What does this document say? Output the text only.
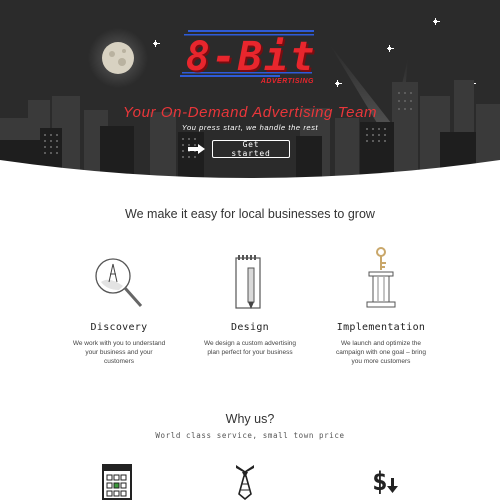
8-Bit
ADVERTISING
Your On-Demand Advertising Team
You press start, we handle the rest
Get started
We make it easy for local businesses to grow
Discovery

We work with you to understand your business and your customers

Design

We design a custom advertising plan perfect for your business

Implementation

We launch and optimize the campaign with one goal – bring you more customers

Why us?
World class service, small town price
$
